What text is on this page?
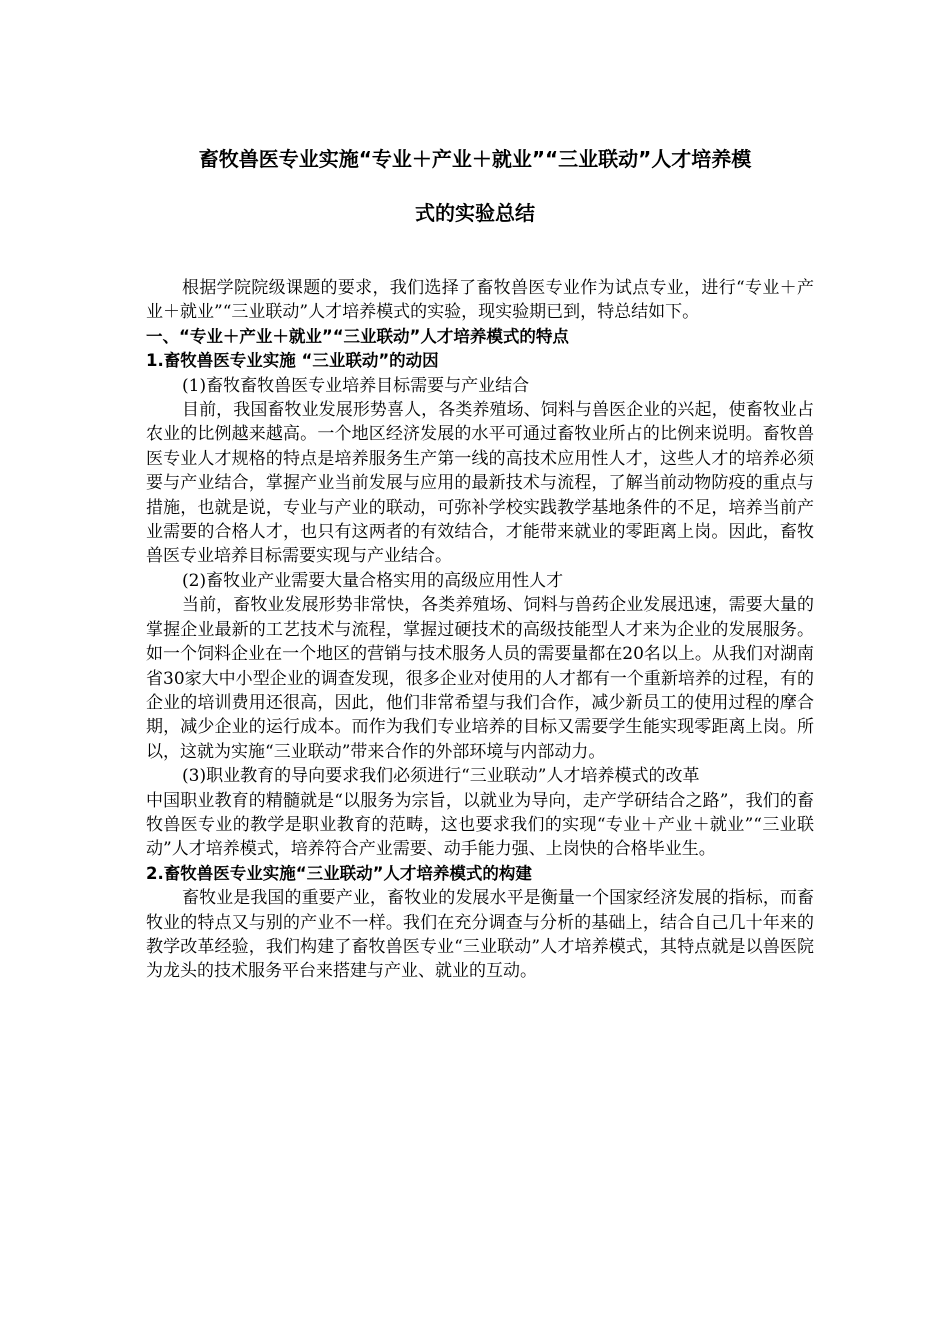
畜牧兽医专业实施“专业＋产业＋就业”“三业联动”人才培养模
式的实验总结

根据学院院级课题的要求，我们选择了畜牧兽医专业作为试点专业，进行“专业＋产业＋就业”“三业联动”人才培养模式的实验，现实验期已到，特总结如下。

一、“专业＋产业＋就业”“三业联动”人才培养模式的特点

1.畜牧兽医专业实施 “三业联动”的动因

(1)畜牧畜牧兽医专业培养目标需要与产业结合

目前，我国畜牧业发展形势喜人，各类养殖场、饲料与兽医企业的兴起，使畜牧业占农业的比例越来越高。一个地区经济发展的水平可通过畜牧业所占的比例来说明。畜牧兽医专业人才规格的特点是培养服务生产第一线的高技术应用性人才，这些人才的培养必须要与产业结合，掌握产业当前发展与应用的最新技术与流程，了解当前动物防疫的重点与措施，也就是说，专业与产业的联动，可弥补学校实践教学基地条件的不足，培养当前产业需要的合格人才，也只有这两者的有效结合，才能带来就业的零距离上岗。因此，畜牧兽医专业培养目标需要实现与产业结合。

(2)畜牧业产业需要大量合格实用的高级应用性人才

当前，畜牧业发展形势非常快，各类养殖场、饲料与兽药企业发展迅速，需要大量的掌握企业最新的工艺技术与流程，掌握过硬技术的高级技能型人才来为企业的发展服务。如一个饲料企业在一个地区的营销与技术服务人员的需要量都在20名以上。从我们对湖南省30家大中小型企业的调查发现，很多企业对使用的人才都有一个重新培养的过程，有的企业的培训费用还很高，因此，他们非常希望与我们合作，减少新员工的使用过程的摩合期，减少企业的运行成本。而作为我们专业培养的目标又需要学生能实现零距离上岗。所以，这就为实施“三业联动”带来合作的外部环境与内部动力。

(3)职业教育的导向要求我们必须进行“三业联动”人才培养模式的改革

中国职业教育的精髓就是“以服务为宗旨，以就业为导向，走产学研结合之路”，我们的畜牧兽医专业的教学是职业教育的范畴，这也要求我们的实现“专业＋产业＋就业”“三业联动”人才培养模式，培养符合产业需要、动手能力强、上岗快的合格毕业生。

2.畜牧兽医专业实施“三业联动”人才培养模式的构建

畜牧业是我国的重要产业，畜牧业的发展水平是衡量一个国家经济发展的指标，而畜牧业的特点又与别的产业不一样。我们在充分调查与分析的基础上，结合自己几十年来的教学改革经验，我们构建了畜牧兽医专业“三业联动”人才培养模式，其特点就是以兽医院为龙头的技术服务平台来搭建与产业、就业的互动。
